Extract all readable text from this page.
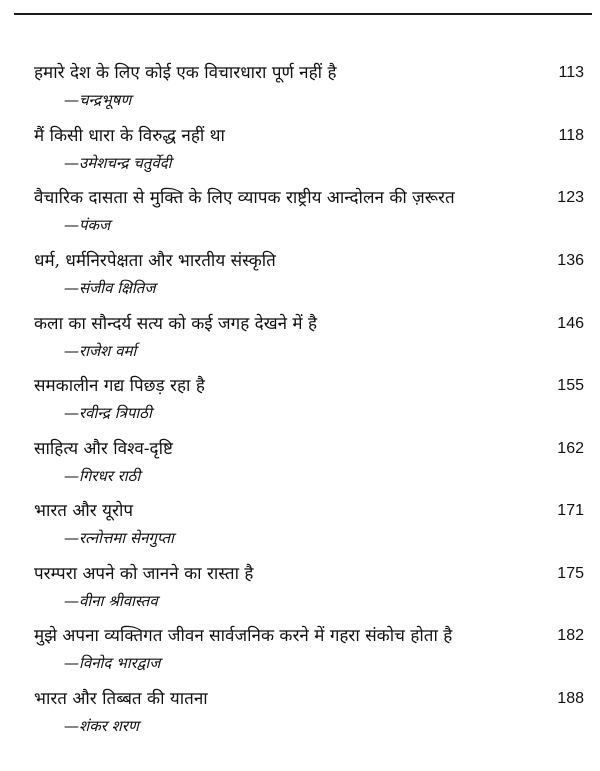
हमारे देश के लिए कोई एक विचारधारा पूर्ण नहीं है	113
—चन्द्रभूषण
मैं किसी धारा के विरुद्ध नहीं था	118
—उमेशचन्द्र चतुर्वेदी
वैचारिक दासता से मुक्ति के लिए व्यापक राष्ट्रीय आन्दोलन की ज़रूरत	123
—पंकज
धर्म, धर्मनिरपेक्षता और भारतीय संस्कृति	136
—संजीव क्षितिज
कला का सौन्दर्य सत्य को कई जगह देखने में है	146
—राजेश वर्मा
समकालीन गद्य पिछड़ रहा है	155
—रवीन्द्र त्रिपाठी
साहित्य और विश्व-दृष्टि	162
—गिरधर राठी
भारत और यूरोप	171
—रत्नोत्तमा सेनगुप्ता
परम्परा अपने को जानने का रास्ता है	175
—वीना श्रीवास्तव
मुझे अपना व्यक्तिगत जीवन सार्वजनिक करने में गहरा संकोच होता है	182
—विनोद भारद्वाज
भारत और तिब्बत की यातना	188
—शंकर शरण
